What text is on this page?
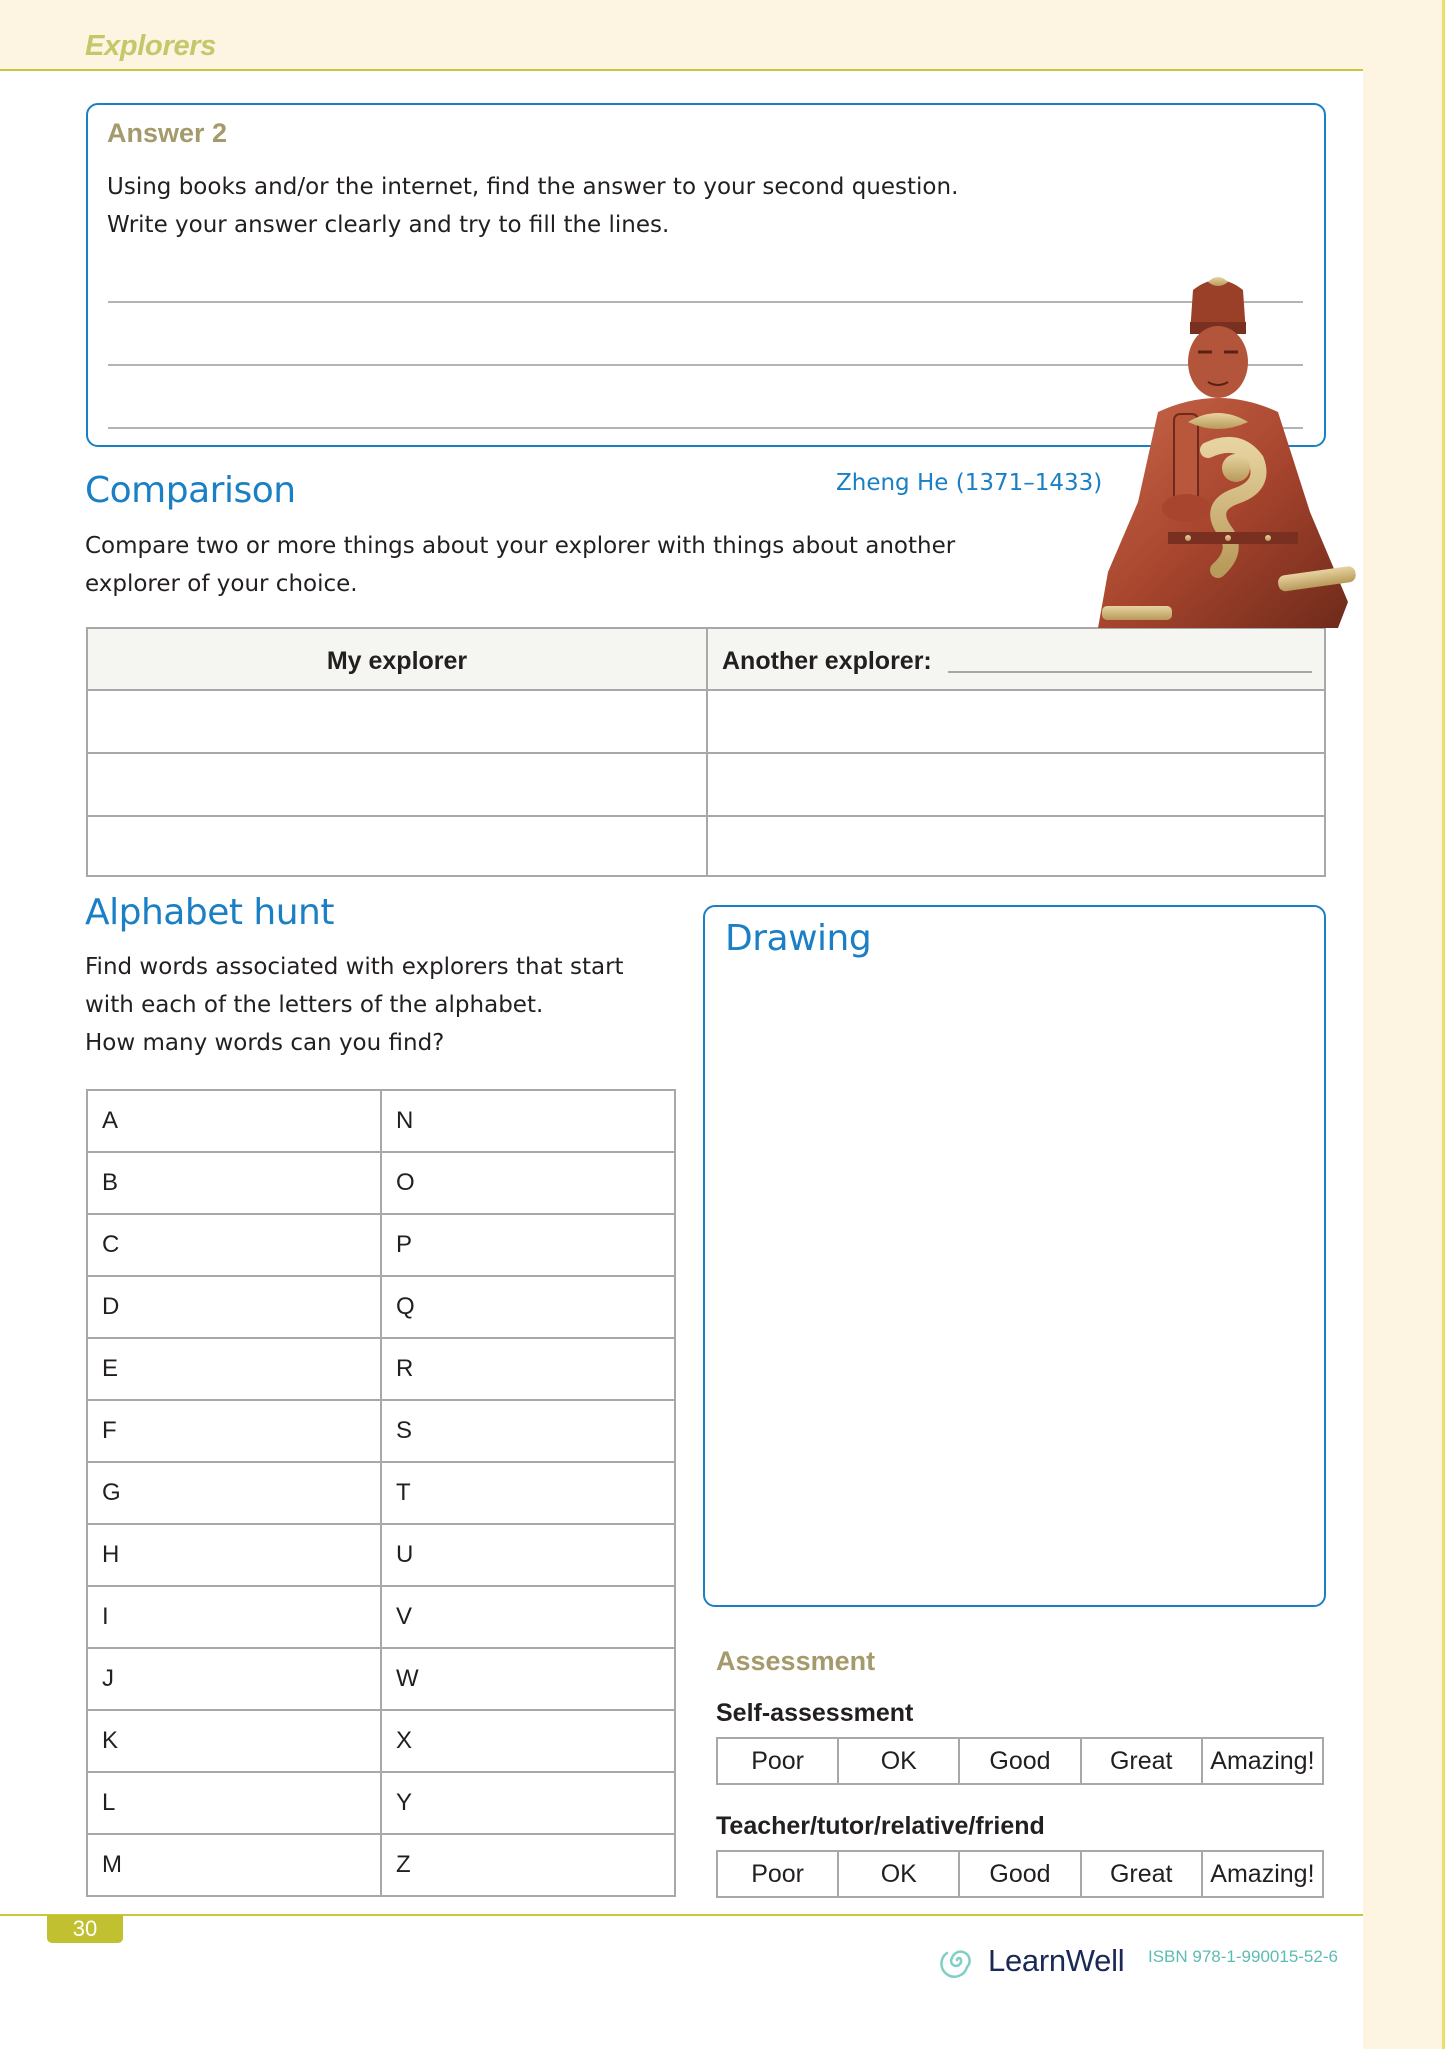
Explorers
Answer 2
Using books and/or the internet, find the answer to your second question.
Write your answer clearly and try to fill the lines.
Comparison	Zheng He (1371–1433)
Compare two or more things about your explorer with things about another
explorer of your choice.
My explorer	Another explorer:
Alphabet hunt
Find words associated with explorers that start
with each of the letters of the alphabet.
How many words can you find?
A	N
B	O
C	P
D	Q
E	R
F	S
G	T
H	U
I	V
J	W
K	X
L	Y
M	Z
Drawing
Assessment
Self-assessment
Poor	OK	Good	Great	Amazing!
Teacher/tutor/relative/friend
Poor	OK	Good	Great	Amazing!
30
LearnWell ISBN 978-1-990015-52-6
